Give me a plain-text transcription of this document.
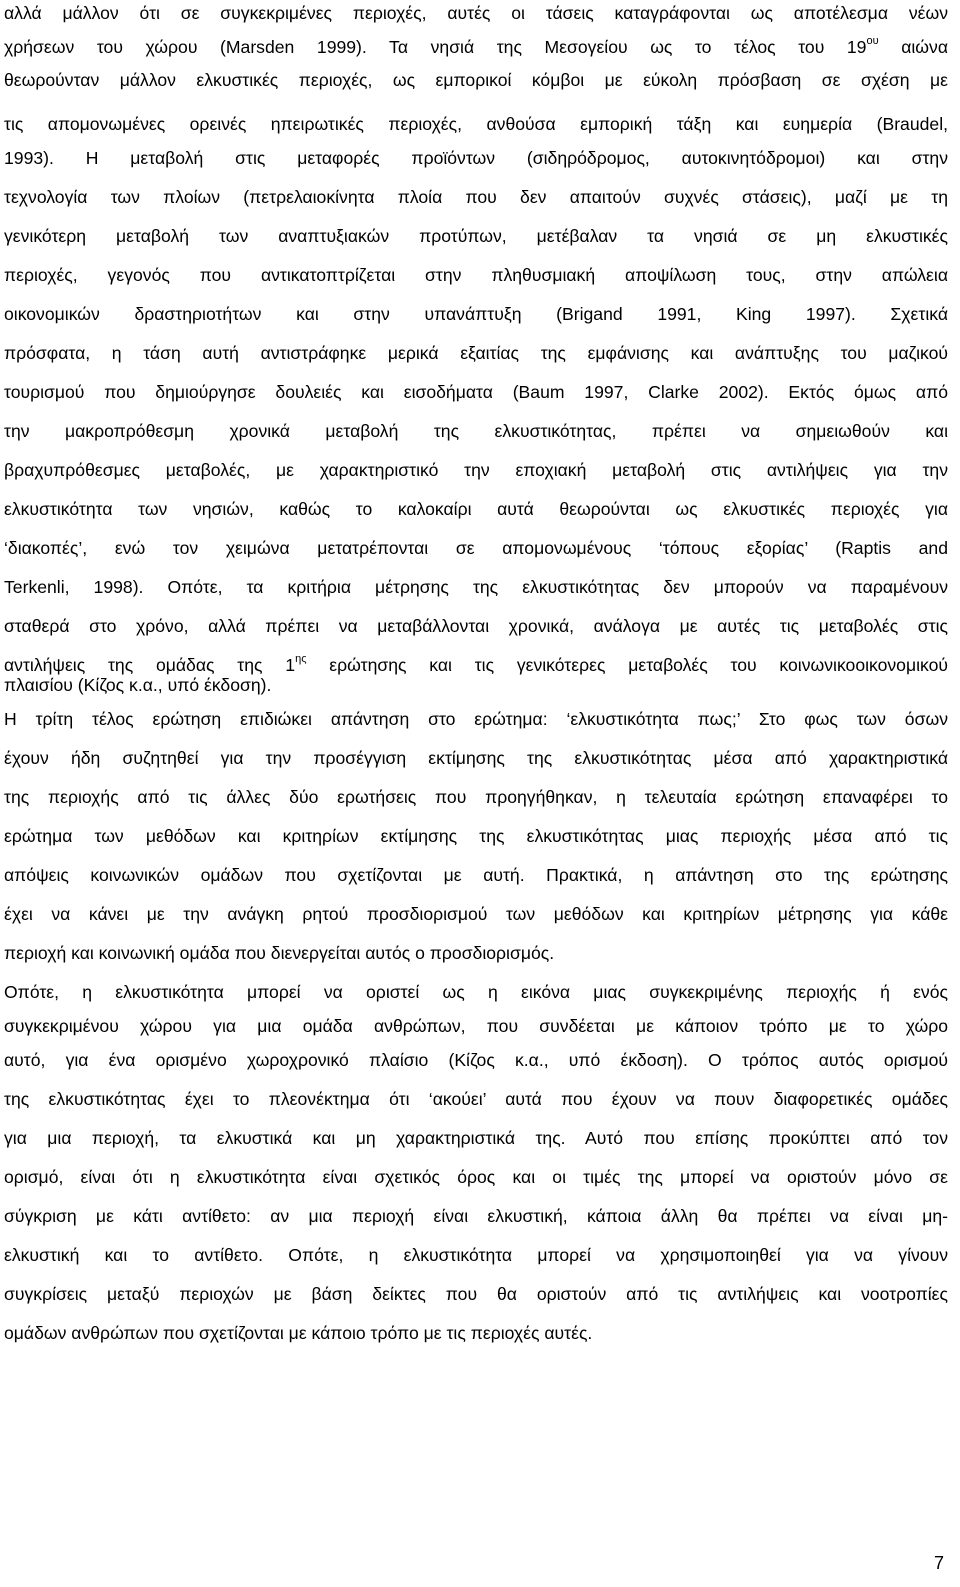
αλλά μάλλον ότι σε συγκεκριμένες περιοχές, αυτές οι τάσεις καταγράφονται ως αποτέλεσμα νέων
χρήσεων του χώρου (Marsden 1999). Τα νησιά της Μεσογείου ως το τέλος του $19^{o\upsilon}$ αιώνα
θεωρούνταν μάλλον ελκυστικές περιοχές, ως εμπορικοί κόμβοι με εύκολη πρόσβαση σε σχέση με
τις απομονωμένες ορεινές ηπειρωτικές περιοχές, ανθούσα εμπορική τάξη και ευημερία (Braudel,
1993). Η μεταβολή στις μεταφορές προϊόντων (σιδηρόδρομος, αυτοκινητόδρομοι) και στην
τεχνολογία των πλοίων (πετρελαιοκίνητα πλοία που δεν απαιτούν συχνές στάσεις), μαζί με τη
γενικότερη μεταβολή των αναπτυξιακών προτύπων, μετέβαλαν τα νησιά σε μη ελκυστικές
περιοχές, γεγονός που αντικατοπτρίζεται στην πληθυσμιακή αποψίλωση τους, στην απώλεια
οικονομικών δραστηριοτήτων και στην υπανάπτυξη (Brigand 1991, King 1997). Σχετικά
πρόσφατα, η τάση αυτή αντιστράφηκε μερικά εξαιτίας της εμφάνισης και ανάπτυξης του μαζικού
τουρισμού που δημιούργησε δουλειές και εισοδήματα (Baum 1997, Clarke 2002). Εκτός όμως από
την μακροπρόθεσμη χρονικά μεταβολή της ελκυστικότητας, πρέπει να σημειωθούν και
βραχυπρόθεσμες μεταβολές, με χαρακτηριστικό την εποχιακή μεταβολή στις αντιλήψεις για την
ελκυστικότητα των νησιών, καθώς το καλοκαίρι αυτά θεωρούνται ως ελκυστικές περιοχές για
‘διακοπές’, ενώ τον χειμώνα μετατρέπονται σε απομονωμένους ‘τόπους εξορίας’ (Raptis and
Terkenli, 1998). Οπότε, τα κριτήρια μέτρησης της ελκυστικότητας δεν μπορούν να παραμένουν
σταθερά στο χρόνο, αλλά πρέπει να μεταβάλλονται χρονικά, ανάλογα με αυτές τις μεταβολές στις
αντιλήψεις της ομάδας της $1^{\eta\varsigma}$ ερώτησης και τις γενικότερες μεταβολές του κοινωνικοοικονομικού
πλαισίου (Κίζος κ.α., υπό έκδοση).
Η τρίτη τέλος ερώτηση επιδιώκει απάντηση στο ερώτημα: ‘ελκυστικότητα πως;’ Στο φως των όσων
έχουν ήδη συζητηθεί για την προσέγγιση εκτίμησης της ελκυστικότητας μέσα από χαρακτηριστικά
της περιοχής από τις άλλες δύο ερωτήσεις που προηγήθηκαν, η τελευταία ερώτηση επαναφέρει το
ερώτημα των μεθόδων και κριτηρίων εκτίμησης της ελκυστικότητας μιας περιοχής μέσα από τις
απόψεις κοινωνικών ομάδων που σχετίζονται με αυτή. Πρακτικά, η απάντηση στο της ερώτησης
έχει να κάνει με την ανάγκη ρητού προσδιορισμού των μεθόδων και κριτηρίων μέτρησης για κάθε
περιοχή και κοινωνική ομάδα που διενεργείται αυτός ο προσδιορισμός.
Οπότε, η ελκυστικότητα μπορεί να οριστεί ως η εικόνα μιας συγκεκριμένης περιοχής ή ενός
συγκεκριμένου χώρου για μια ομάδα ανθρώπων, που συνδέεται με κάποιον τρόπο με το χώρο
αυτό, για ένα ορισμένο χωροχρονικό πλαίσιο (Κίζος κ.α., υπό έκδοση). Ο τρόπος αυτός ορισμού
της ελκυστικότητας έχει το πλεονέκτημα ότι ‘ακούει’ αυτά που έχουν να πουν διαφορετικές ομάδες
για μια περιοχή, τα ελκυστικά και μη χαρακτηριστικά της. Αυτό που επίσης προκύπτει από τον
ορισμό, είναι ότι η ελκυστικότητα είναι σχετικός όρος και οι τιμές της μπορεί να οριστούν μόνο σε
σύγκριση με κάτι αντίθετο: αν μια περιοχή είναι ελκυστική, κάποια άλλη θα πρέπει να είναι μη-
ελκυστική και το αντίθετο. Οπότε, η ελκυστικότητα μπορεί να χρησιμοποιηθεί για να γίνουν
συγκρίσεις μεταξύ περιοχών με βάση δείκτες που θα οριστούν από τις αντιλήψεις και νοοτροπίες
ομάδων ανθρώπων που σχετίζονται με κάποιο τρόπο με τις περιοχές αυτές.
7
